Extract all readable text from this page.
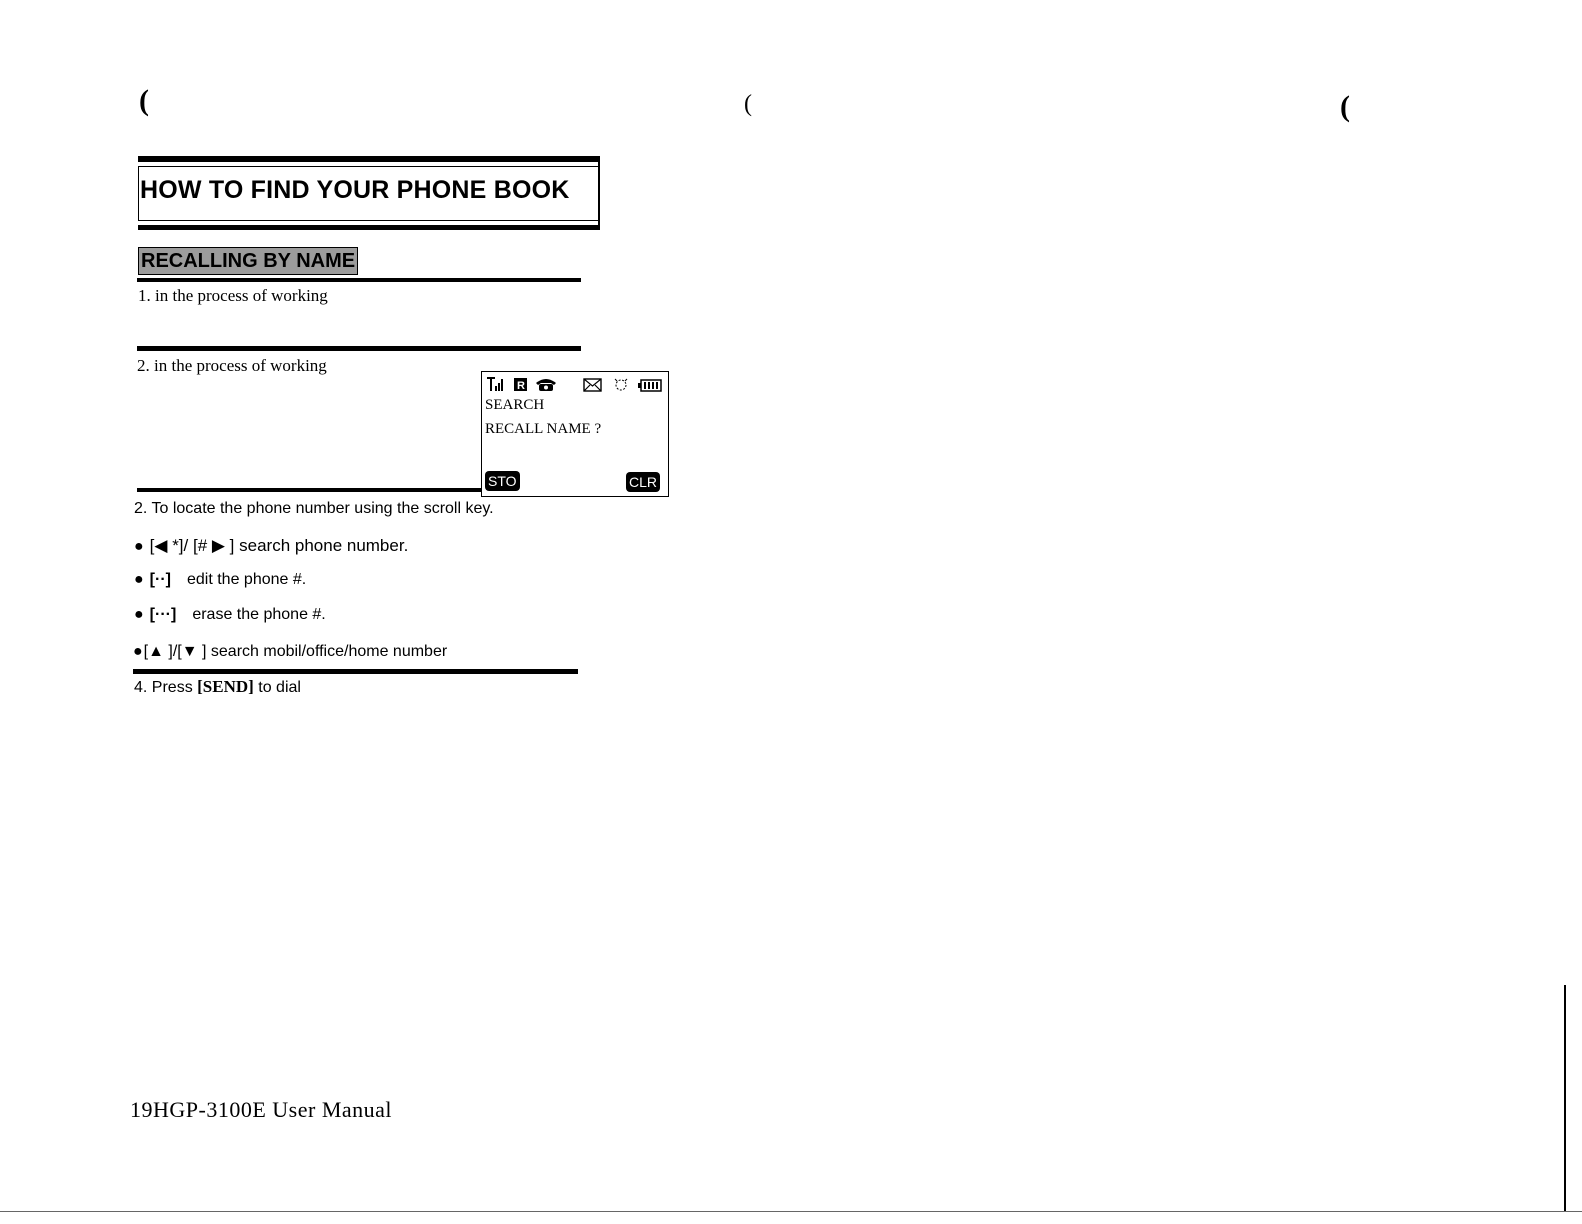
(	(	(
HOW TO FIND YOUR PHONE BOOK
RECALLING BY NAME
1. in the process of working
2. in the process of working
R
SEARCH
RECALL NAME ?
STO	CLR
2. To locate the phone number using the scroll key.
● [◀ *]/ [# ▶ ] search phone number.
● [··] edit the phone #.
● [···] erase the phone #.
●[▲ ]/[▼ ] search mobil/office/home number
4. Press [SEND] to dial
19HGP-3100E User Manual
